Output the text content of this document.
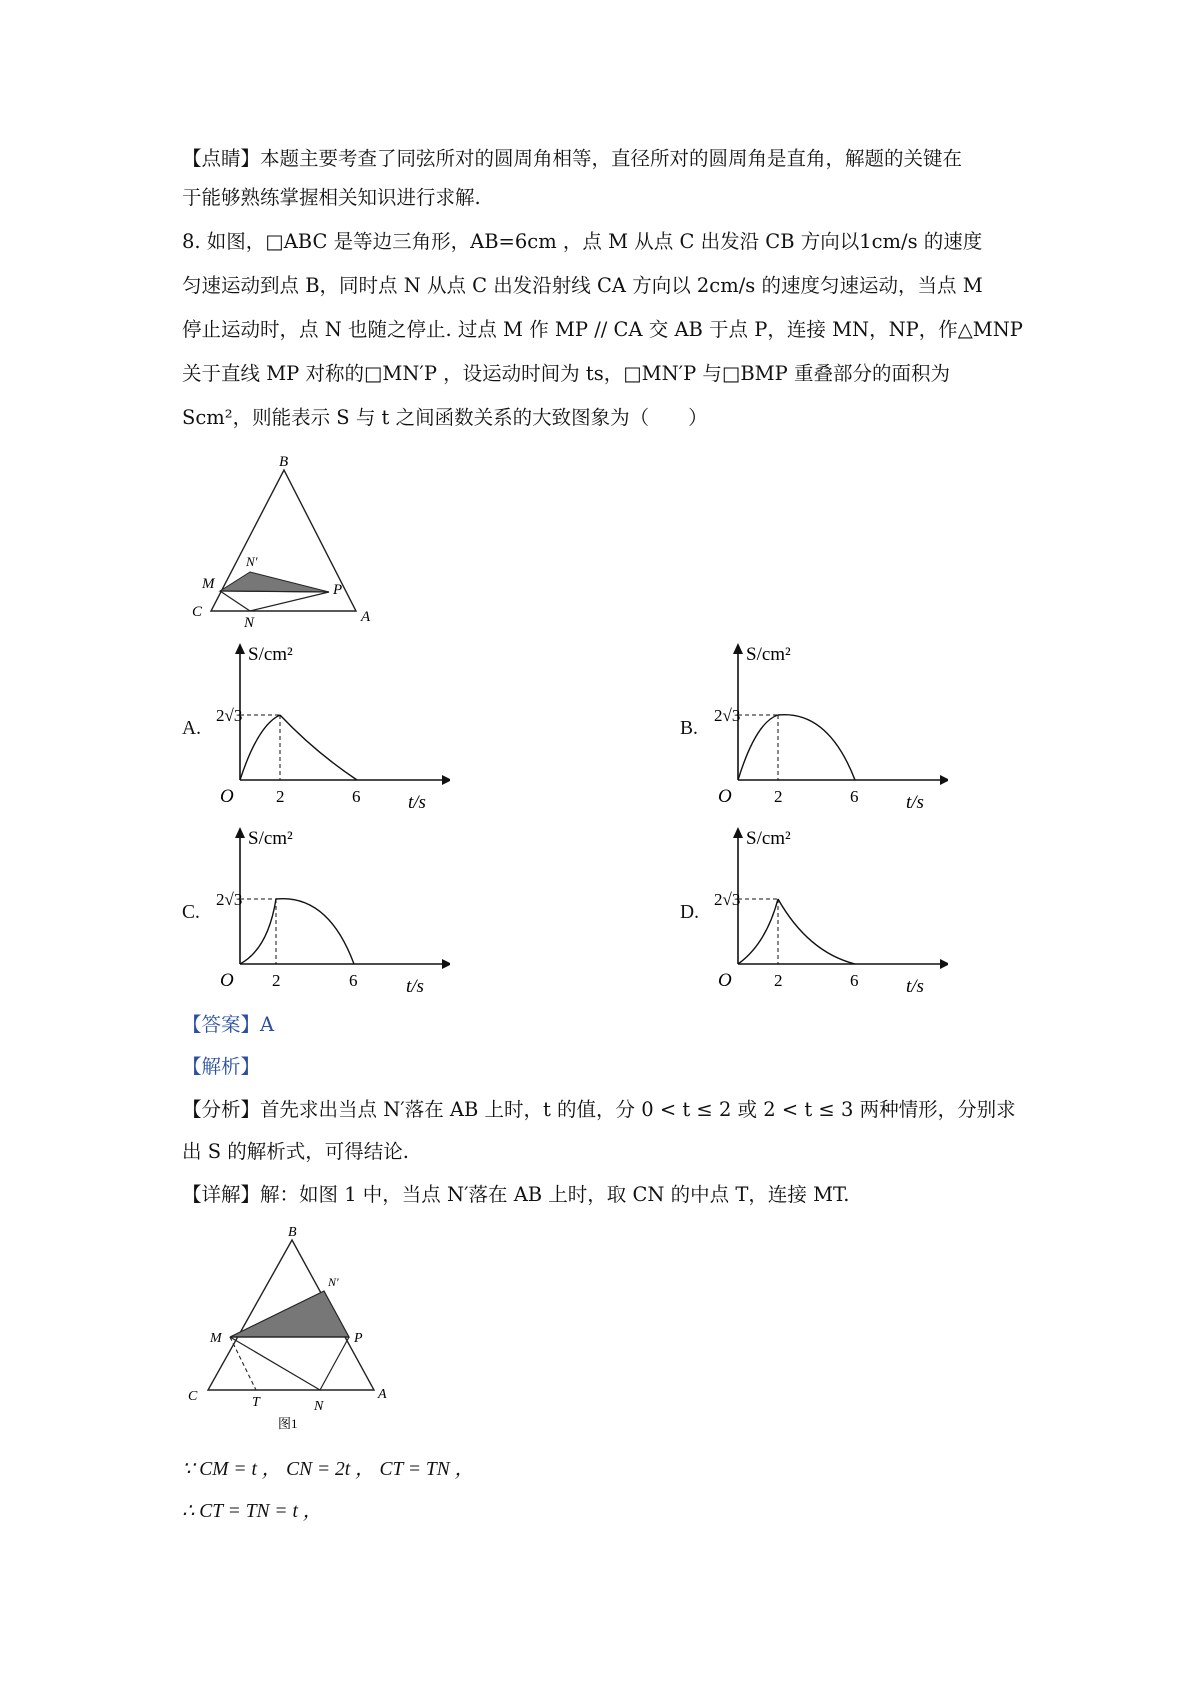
【点睛】本题主要考查了同弦所对的圆周角相等，直径所对的圆周角是直角，解题的关键在
于能够熟练掌握相关知识进行求解.
8. 如图，□ABC 是等边三角形，AB=6cm ，点 M 从点 C 出发沿 CB 方向以1cm/s 的速度
匀速运动到点 B，同时点 N 从点 C 出发沿射线 CA 方向以 2cm/s 的速度匀速运动，当点 M
停止运动时，点 N 也随之停止. 过点 M 作 MP // CA 交 AB 于点 P，连接 MN，NP，作△MNP
关于直线 MP 对称的□MN′P ，设运动时间为 ts，□MN′P 与□BMP 重叠部分的面积为
Scm²，则能表示 S 与 t 之间函数关系的大致图象为（　　）
B
N'
M	P
C
N	A
A.
S/cm²
2√3
O 2	6	t/s
B.
S/cm²
2√3
O 2	6	t/s
C.
S/cm²
2√3
O 2	6	t/s
D.
S/cm²
2√3
O 2	6	t/s
【答案】A
【解析】
【分析】首先求出当点 N′落在 AB 上时，t 的值，分 0 < t ≤ 2 或 2 < t ≤ 3 两种情形，分别求
出 S 的解析式，可得结论.
【详解】解：如图 1 中，当点 N′落在 AB 上时，取 CN 的中点 T，连接 MT.
B
N'
M	P
C	T	N
A
图1
∵ CM = t ， CN = 2t ， CT = TN ，
∴ CT = TN = t ，
